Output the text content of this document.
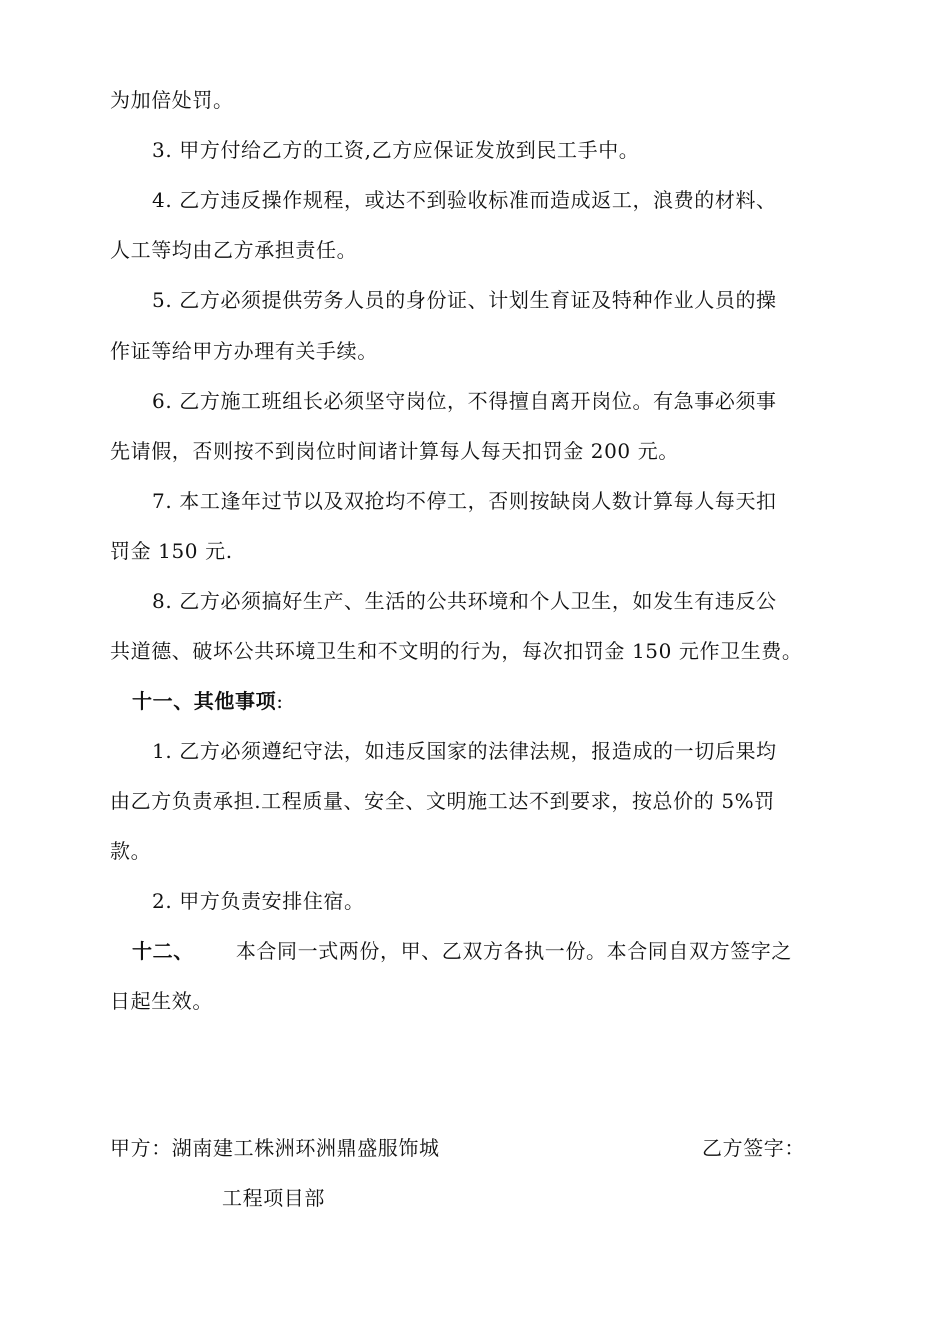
为加倍处罚。
3. 甲方付给乙方的工资,乙方应保证发放到民工手中。
4. 乙方违反操作规程，或达不到验收标准而造成返工，浪费的材料、
人工等均由乙方承担责任。
5. 乙方必须提供劳务人员的身份证、计划生育证及特种作业人员的操
作证等给甲方办理有关手续。
6. 乙方施工班组长必须坚守岗位，不得擅自离开岗位。有急事必须事
先请假，否则按不到岗位时间诸计算每人每天扣罚金 200 元。
7. 本工逢年过节以及双抢均不停工，否则按缺岗人数计算每人每天扣
罚金 150 元.
8. 乙方必须搞好生产、生活的公共环境和个人卫生，如发生有违反公
共道德、破坏公共环境卫生和不文明的行为，每次扣罚金 150 元作卫生费。
十一、其他事项:
1. 乙方必须遵纪守法，如违反国家的法律法规，报造成的一切后果均
由乙方负责承担.工程质量、安全、文明施工达不到要求，按总价的 5%罚
款。
2. 甲方负责安排住宿。
十二、 本合同一式两份，甲、乙双方各执一份。本合同自双方签字之
日起生效。
甲方：湖南建工株洲环洲鼎盛服饰城	乙方签字：
工程项目部
